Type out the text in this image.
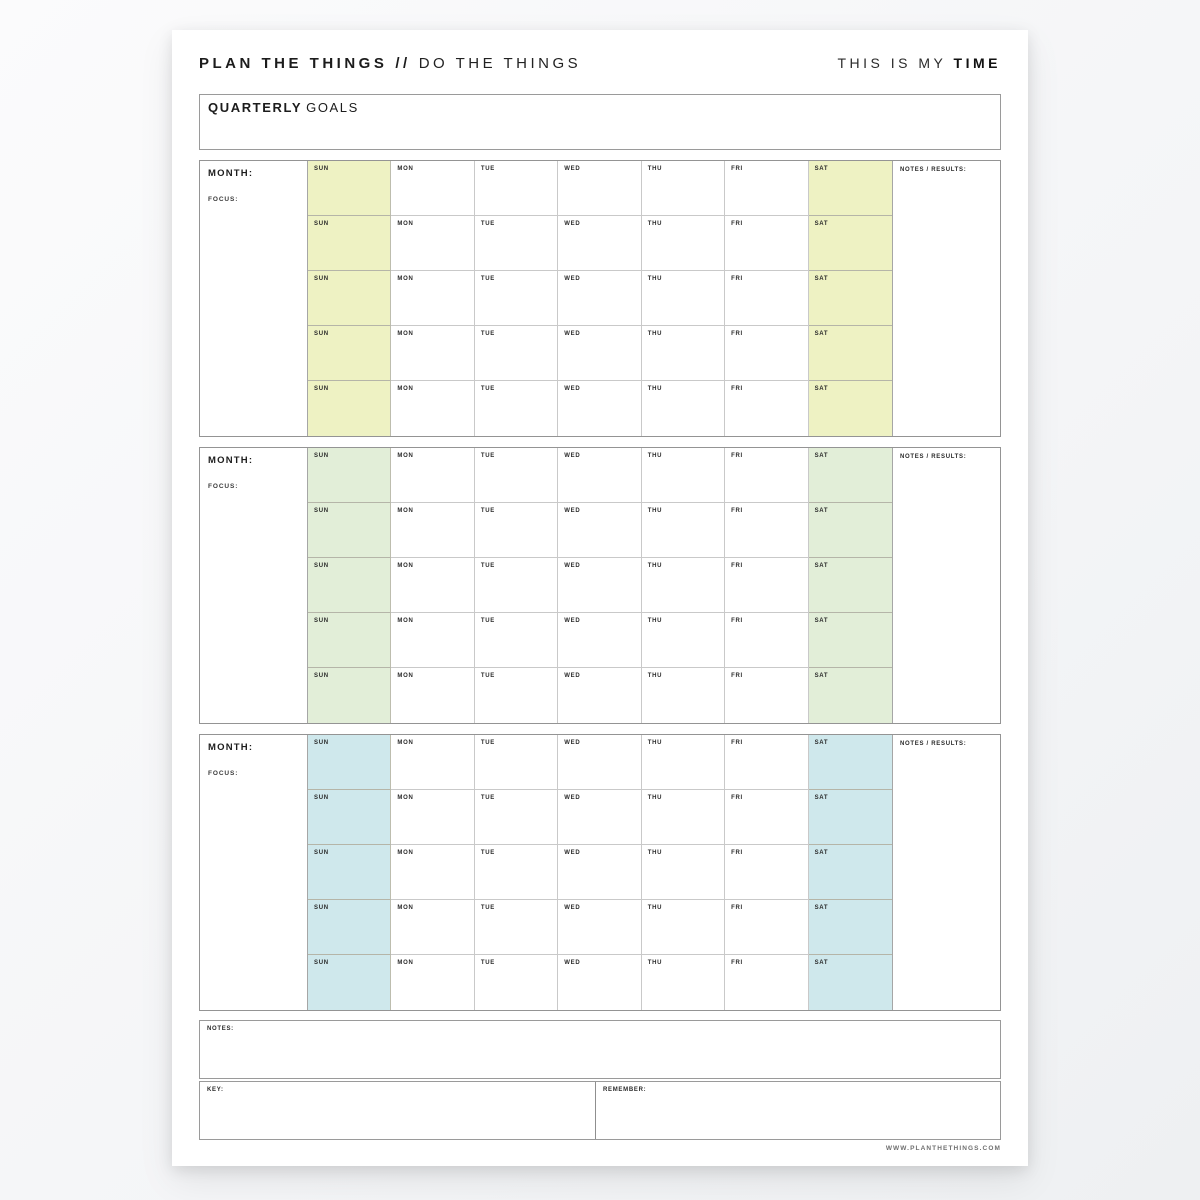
PLAN THE THINGS // DO THE THINGS	THIS IS MY TIME
QUARTERLY GOALS
MONTH:
FOCUS:
SUN	MON	TUE	WED	THU	FRI	SAT
SUN	MON	TUE	WED	THU	FRI	SAT
SUN	MON	TUE	WED	THU	FRI	SAT
SUN	MON	TUE	WED	THU	FRI	SAT
SUN	MON	TUE	WED	THU	FRI	SAT
NOTES / RESULTS:
MONTH:
FOCUS:
SUN	MON	TUE	WED	THU	FRI	SAT
SUN	MON	TUE	WED	THU	FRI	SAT
SUN	MON	TUE	WED	THU	FRI	SAT
SUN	MON	TUE	WED	THU	FRI	SAT
SUN	MON	TUE	WED	THU	FRI	SAT
NOTES / RESULTS:
MONTH:
FOCUS:
SUN	MON	TUE	WED	THU	FRI	SAT
SUN	MON	TUE	WED	THU	FRI	SAT
SUN	MON	TUE	WED	THU	FRI	SAT
SUN	MON	TUE	WED	THU	FRI	SAT
SUN	MON	TUE	WED	THU	FRI	SAT
NOTES / RESULTS:
NOTES:
KEY:	REMEMBER:
WWW.PLANTHETHINGS.COM
